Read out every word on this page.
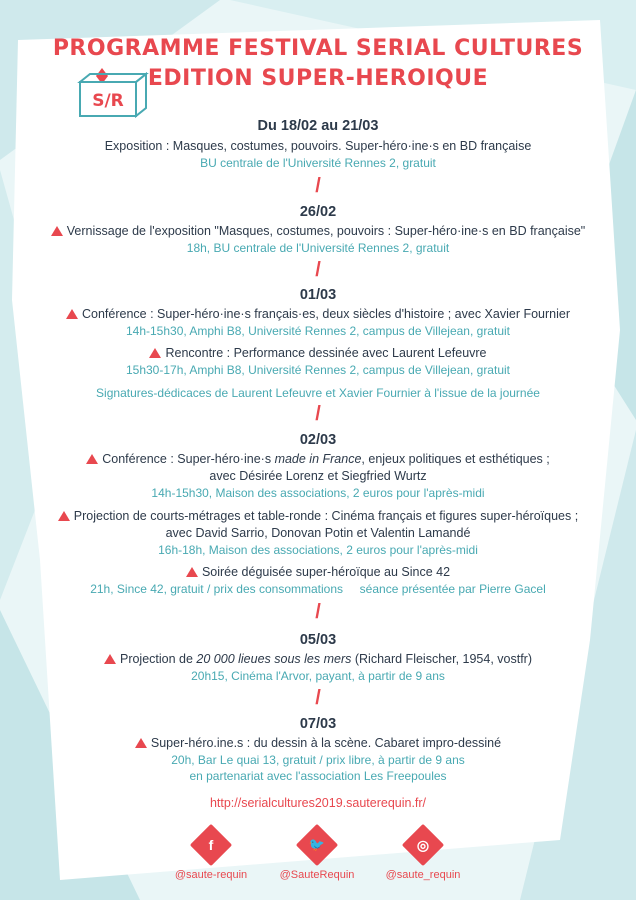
PROGRAMME FESTIVAL SERIAL CULTURES
EDITION SUPER-HEROIQUE
S/R
Du 18/02 au 21/03
Exposition : Masques, costumes, pouvoirs. Super-héro·ine·s en BD française
BU centrale de l'Université Rennes 2, gratuit
/
26/02
Vernissage de l'exposition "Masques, costumes, pouvoirs : Super-héro·ine·s en BD française"
18h, BU centrale de l'Université Rennes 2, gratuit
/
01/03
Conférence : Super-héro·ine·s français·es, deux siècles d'histoire ; avec Xavier Fournier
14h-15h30, Amphi B8, Université Rennes 2, campus de Villejean, gratuit
Rencontre : Performance dessinée avec Laurent Lefeuvre
15h30-17h, Amphi B8, Université Rennes 2, campus de Villejean, gratuit
Signatures-dédicaces de Laurent Lefeuvre et Xavier Fournier à l'issue de la journée
/
02/03
Conférence : Super-héro·ine·s made in France, enjeux politiques et esthétiques ;
avec Désirée Lorenz et Siegfried Wurtz
14h-15h30, Maison des associations, 2 euros pour l'après-midi
Projection de courts-métrages et table-ronde : Cinéma français et figures super-héroïques ;
avec David Sarrio, Donovan Potin et Valentin Lamandé
16h-18h, Maison des associations, 2 euros pour l'après-midi
Soirée déguisée super-héroïque au Since 42
21h, Since 42, gratuit / prix des consommations     séance présentée par Pierre Gacel
/
05/03
Projection de 20 000 lieues sous les mers (Richard Fleischer, 1954, vostfr)
20h15, Cinéma l'Arvor, payant, à partir de 9 ans
/
07/03
Super-héro.ine.s : du dessin à la scène. Cabaret impro-dessiné
20h, Bar Le quai 13, gratuit / prix libre, à partir de 9 ans
en partenariat avec l'association Les Freepoules
http://serialcultures2019.sauterequin.fr/
f
@saute-requin
🐦
@SauteRequin
◎
@saute_requin
